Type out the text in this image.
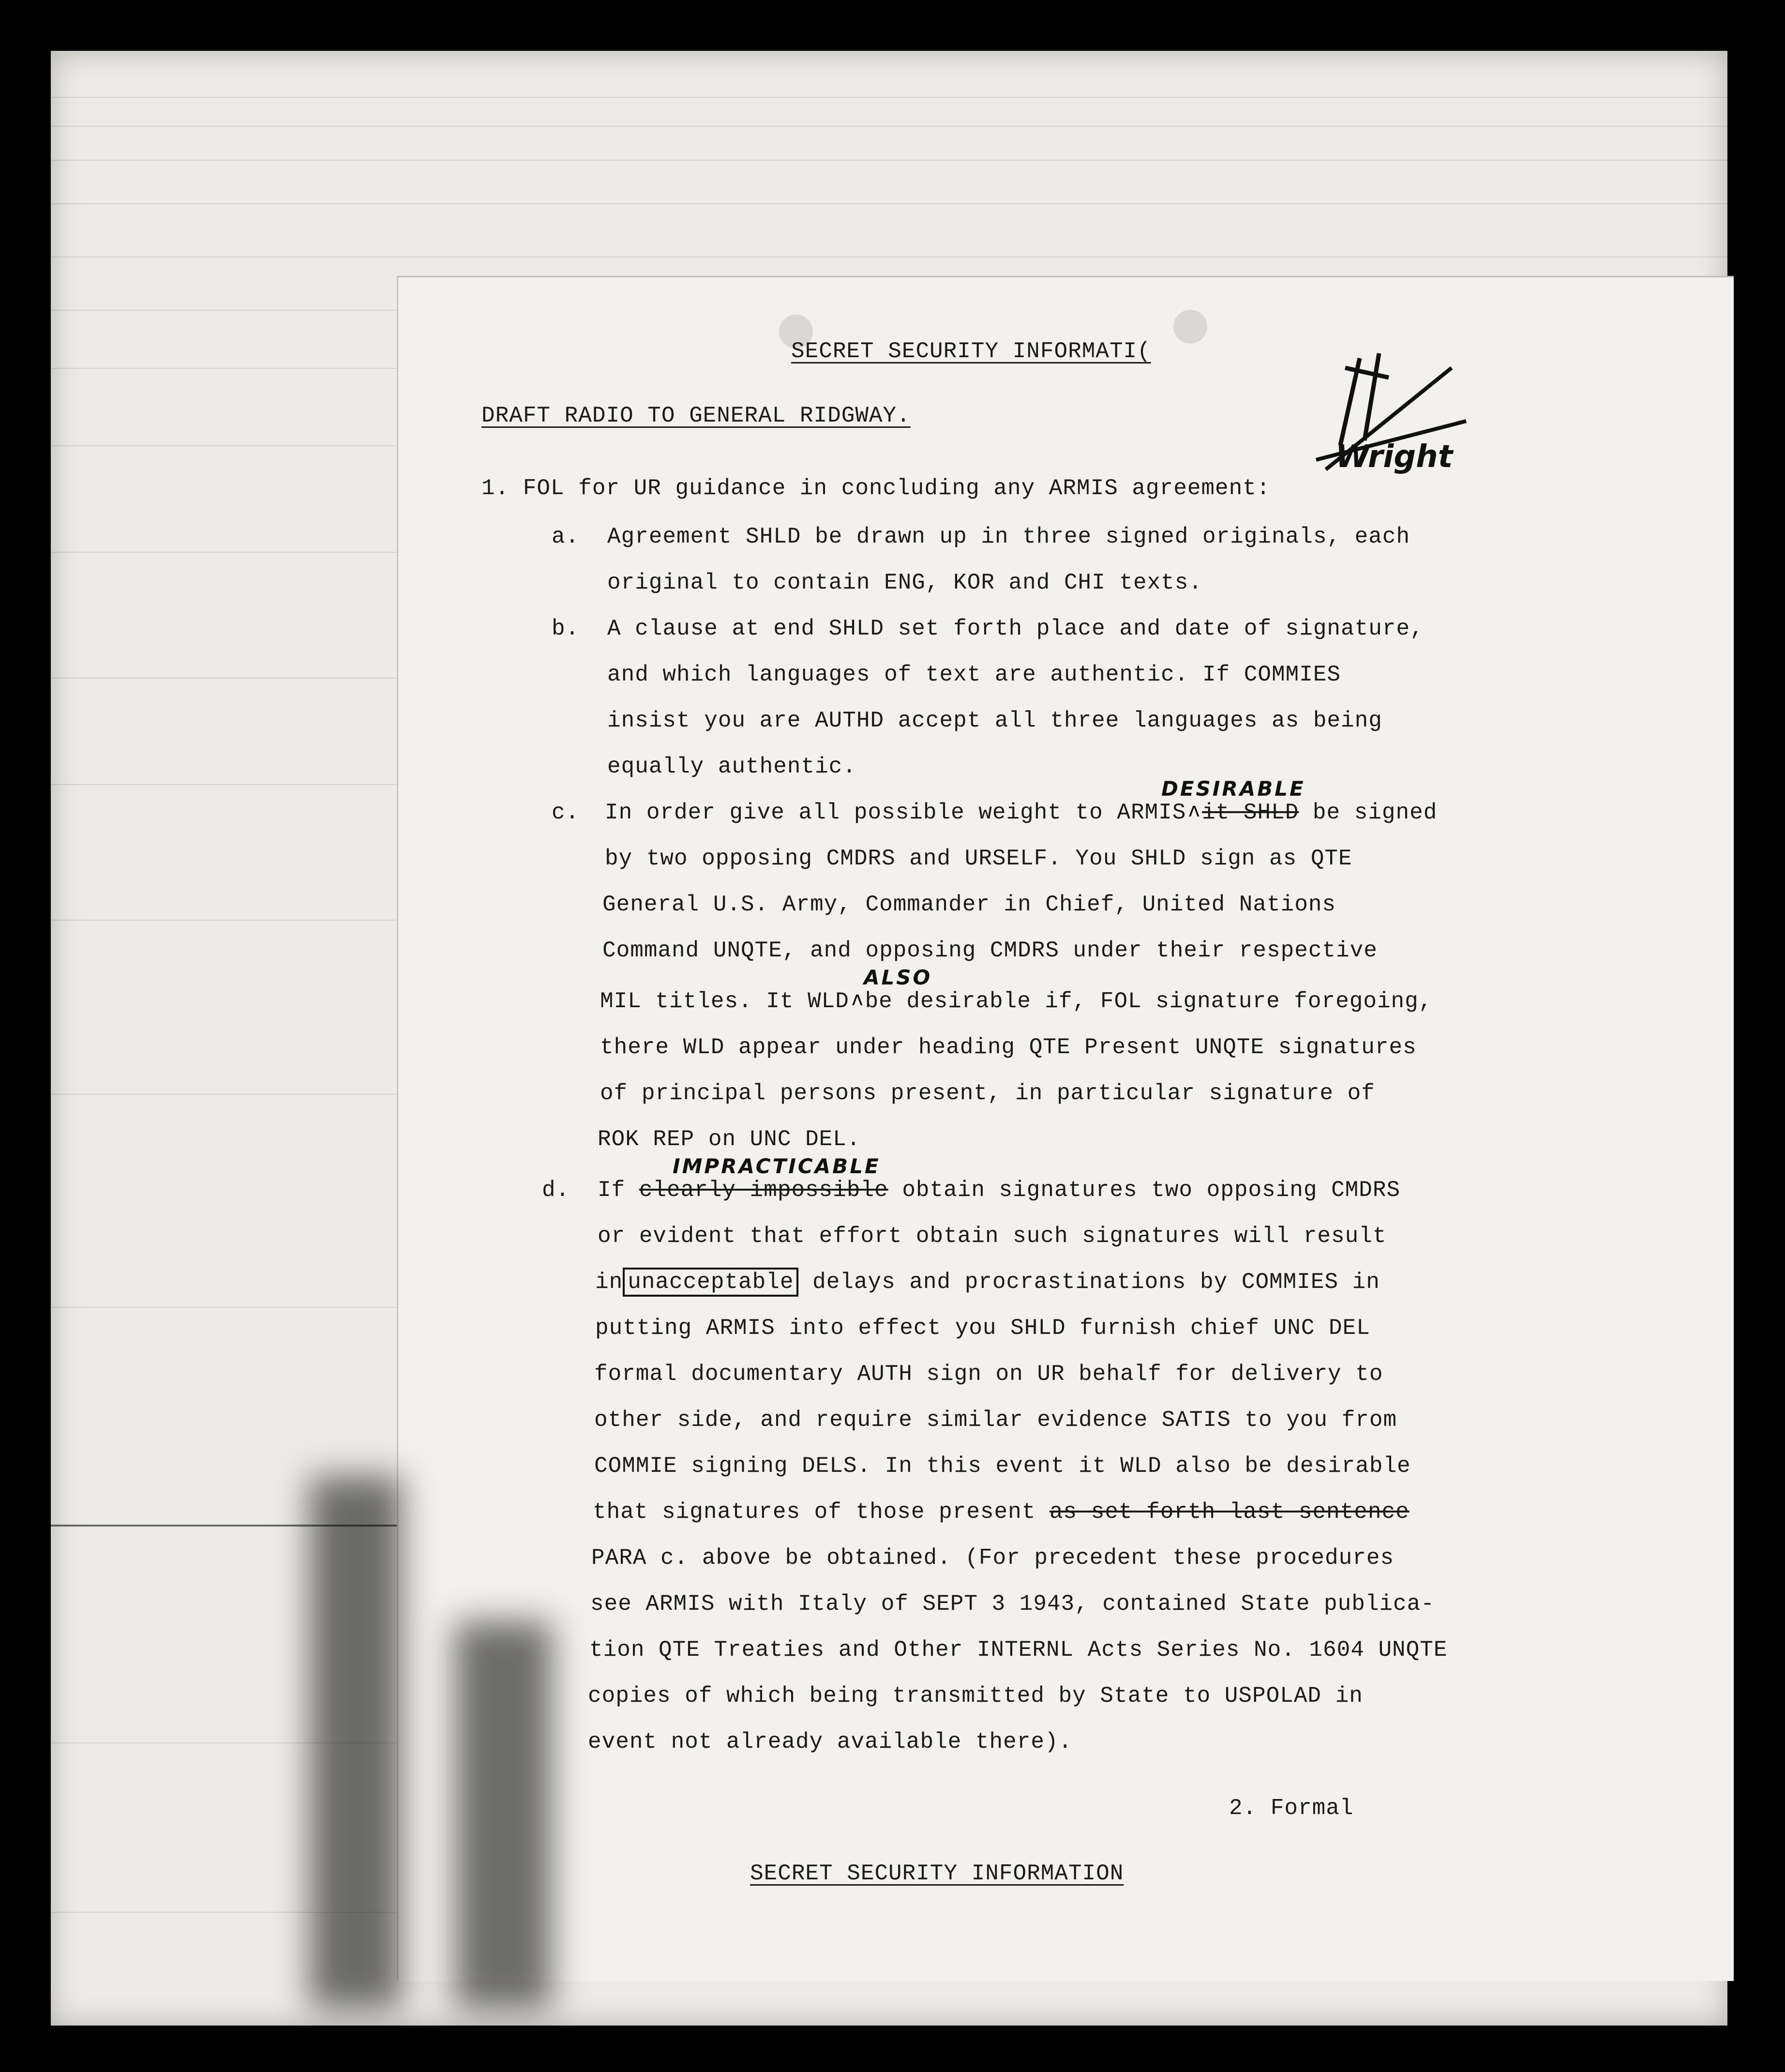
SECRET SECURITY INFORMATI(
DRAFT RADIO TO GENERAL RIDGWAY.
Wright
1. FOL for UR guidance in concluding any ARMIS agreement:
a. Agreement SHLD be drawn up in three signed originals, each
original to contain ENG, KOR and CHI texts.
b. A clause at end SHLD set forth place and date of signature,
and which languages of text are authentic. If COMMIES
insist you are AUTHD accept all three languages as being
equally authentic.
DESIRABLE
c. In order give all possible weight to ARMIS vit SHLD be signed
by two opposing CMDRS and URSELF. You SHLD sign as QTE
General U.S. Army, Commander in Chief, United Nations
Command UNQTE, and opposing CMDRS under their respective
ALSO
MIL titles. It WLD vbe desirable if, FOL signature foregoing,
there WLD appear under heading QTE Present UNQTE signatures
of principal persons present, in particular signature of
ROK REP on UNC DEL.
IMPRACTICABLE
d. If clearly impossible obtain signatures two opposing CMDRS
or evident that effort obtain such signatures will result
in unacceptable delays and procrastinations by COMMIES in
putting ARMIS into effect you SHLD furnish chief UNC DEL
formal documentary AUTH sign on UR behalf for delivery to
other side, and require similar evidence SATIS to you from
COMMIE signing DELS. In this event it WLD also be desirable
that signatures of those present as set forth last sentence
PARA c. above be obtained. (For precedent these procedures
see ARMIS with Italy of SEPT 3 1943, contained State publica-
tion QTE Treaties and Other INTERNL Acts Series No. 1604 UNQTE
copies of which being transmitted by State to USPOLAD in
event not already available there).
2. Formal
SECRET SECURITY INFORMATION
